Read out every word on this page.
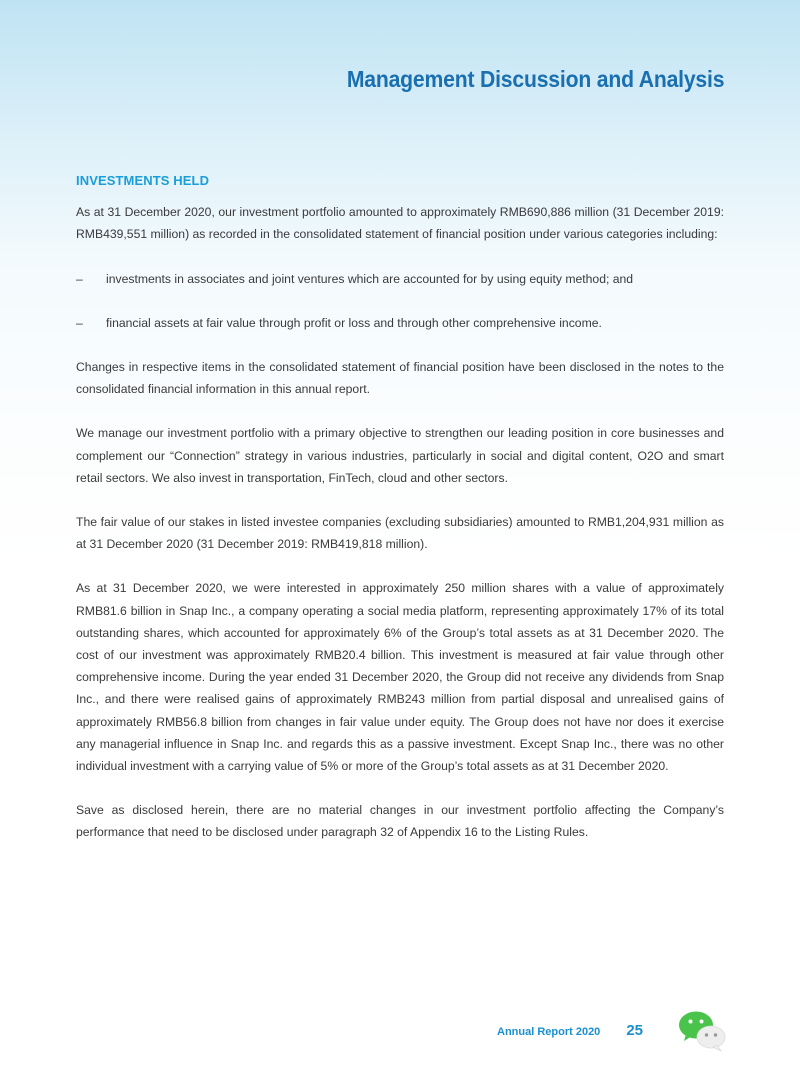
Management Discussion and Analysis
INVESTMENTS HELD

As at 31 December 2020, our investment portfolio amounted to approximately RMB690,886 million (31 December 2019: RMB439,551 million) as recorded in the consolidated statement of financial position under various categories including:

–	investments in associates and joint ventures which are accounted for by using equity method; and
–	financial assets at fair value through profit or loss and through other comprehensive income.

Changes in respective items in the consolidated statement of financial position have been disclosed in the notes to the consolidated financial information in this annual report.

We manage our investment portfolio with a primary objective to strengthen our leading position in core businesses and complement our “Connection” strategy in various industries, particularly in social and digital content, O2O and smart retail sectors. We also invest in transportation, FinTech, cloud and other sectors.

The fair value of our stakes in listed investee companies (excluding subsidiaries) amounted to RMB1,204,931 million as at 31 December 2020 (31 December 2019: RMB419,818 million).

As at 31 December 2020, we were interested in approximately 250 million shares with a value of approximately RMB81.6 billion in Snap Inc., a company operating a social media platform, representing approximately 17% of its total outstanding shares, which accounted for approximately 6% of the Group’s total assets as at 31 December 2020. The cost of our investment was approximately RMB20.4 billion. This investment is measured at fair value through other comprehensive income. During the year ended 31 December 2020, the Group did not receive any dividends from Snap Inc., and there were realised gains of approximately RMB243 million from partial disposal and unrealised gains of approximately RMB56.8 billion from changes in fair value under equity. The Group does not have nor does it exercise any managerial influence in Snap Inc. and regards this as a passive investment. Except Snap Inc., there was no other individual investment with a carrying value of 5% or more of the Group’s total assets as at 31 December 2020.

Save as disclosed herein, there are no material changes in our investment portfolio affecting the Company’s performance that need to be disclosed under paragraph 32 of Appendix 16 to the Listing Rules.

Annual Report 2020 25
